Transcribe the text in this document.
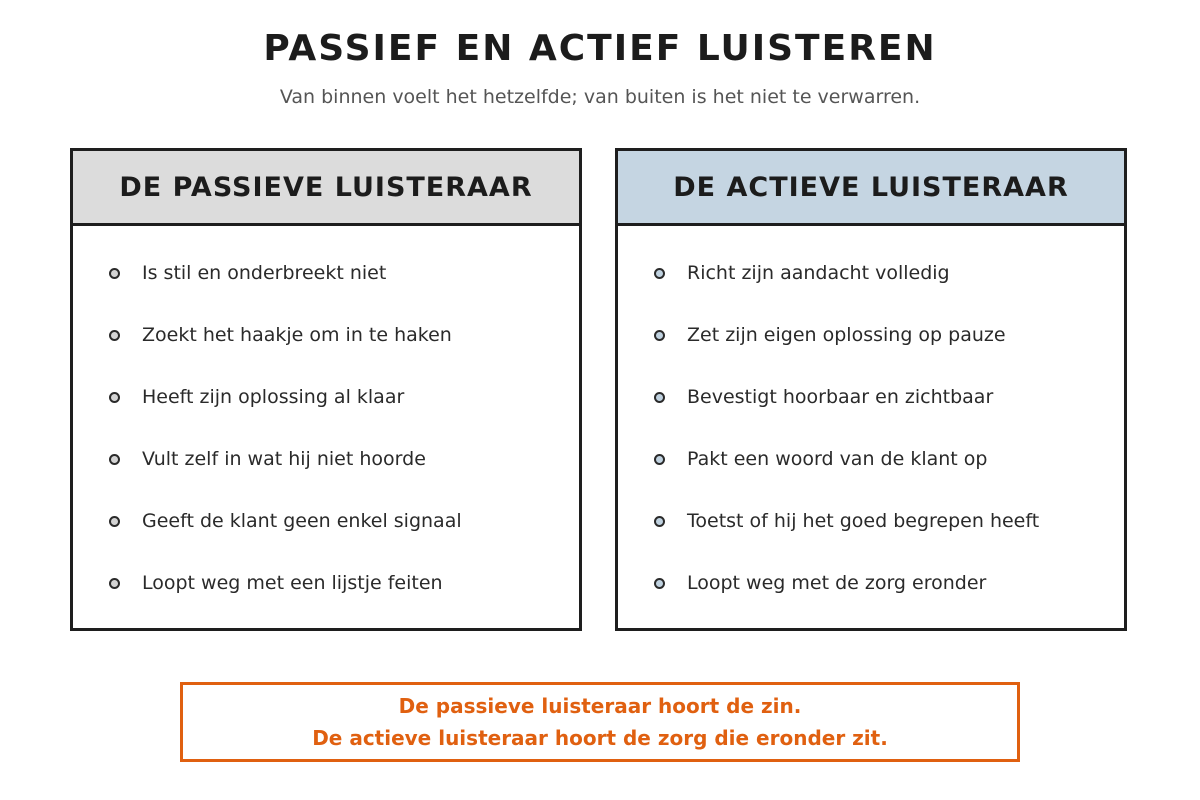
PASSIEF EN ACTIEF LUISTEREN
Van binnen voelt het hetzelfde; van buiten is het niet te verwarren.
DE PASSIEVE LUISTERAAR
Is stil en onderbreekt niet
Zoekt het haakje om in te haken
Heeft zijn oplossing al klaar
Vult zelf in wat hij niet hoorde
Geeft de klant geen enkel signaal
Loopt weg met een lijstje feiten
DE ACTIEVE LUISTERAAR
Richt zijn aandacht volledig
Zet zijn eigen oplossing op pauze
Bevestigt hoorbaar en zichtbaar
Pakt een woord van de klant op
Toetst of hij het goed begrepen heeft
Loopt weg met de zorg eronder
De passieve luisteraar hoort de zin.
De actieve luisteraar hoort de zorg die eronder zit.
